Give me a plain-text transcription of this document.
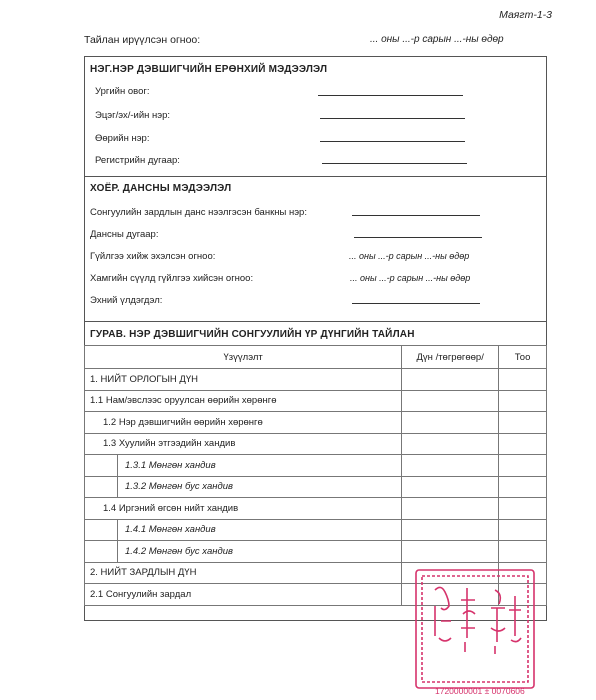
Маягт-1-3
Тайлан ирүүлсэн огноо:	... оны ...-р сарын ...-ны өдөр
НЭГ.НЭР ДЭВШИГЧИЙН ЕРӨНХИЙ МЭДЭЭЛЭЛ
Ургийн овог:
Эцэг/эх/-ийн нэр:
Өөрийн нэр:
Регистрийн дугаар:
ХОЁР. ДАНСНЫ МЭДЭЭЛЭЛ
Сонгуулийн зардлын данс нээлгэсэн банкны нэр:
Дансны дугаар:
Гүйлгээ хийж эхэлсэн огноо:	... оны ...-р сарын ...-ны өдөр
Хамгийн сүүлд гүйлгээ хийсэн огноо:	... оны ...-р сарын ...-ны өдөр
Эхний үлдэгдэл:
ГУРАВ. НЭР ДЭВШИГЧИЙН СОНГУУЛИЙН ҮР ДҮНГИЙН ТАЙЛАН
Үзүүлэлт	Дүн /төгрөгөөр/	Тоо
1. НИЙТ ОРЛОГЫН ДҮН		
1.1 Нам/эвслээс оруулсан өөрийн хөрөнгө		
1.2 Нэр дэвшигчийн өөрийн хөрөнгө		
1.3 Хуулийн этгээдийн хандив		

1.3.1 Мөнгөн хандив		

1.3.2 Мөнгөн бус хандив		

1.4 Иргэний өгсөн нийт хандив		

1.4.1 Мөнгөн хандив		

1.4.2 Мөнгөн бус хандив		

2. НИЙТ ЗАРДЛЫН ДҮН		
2.1 Сонгуулийн зардал		
1720000001 ± 0070606
